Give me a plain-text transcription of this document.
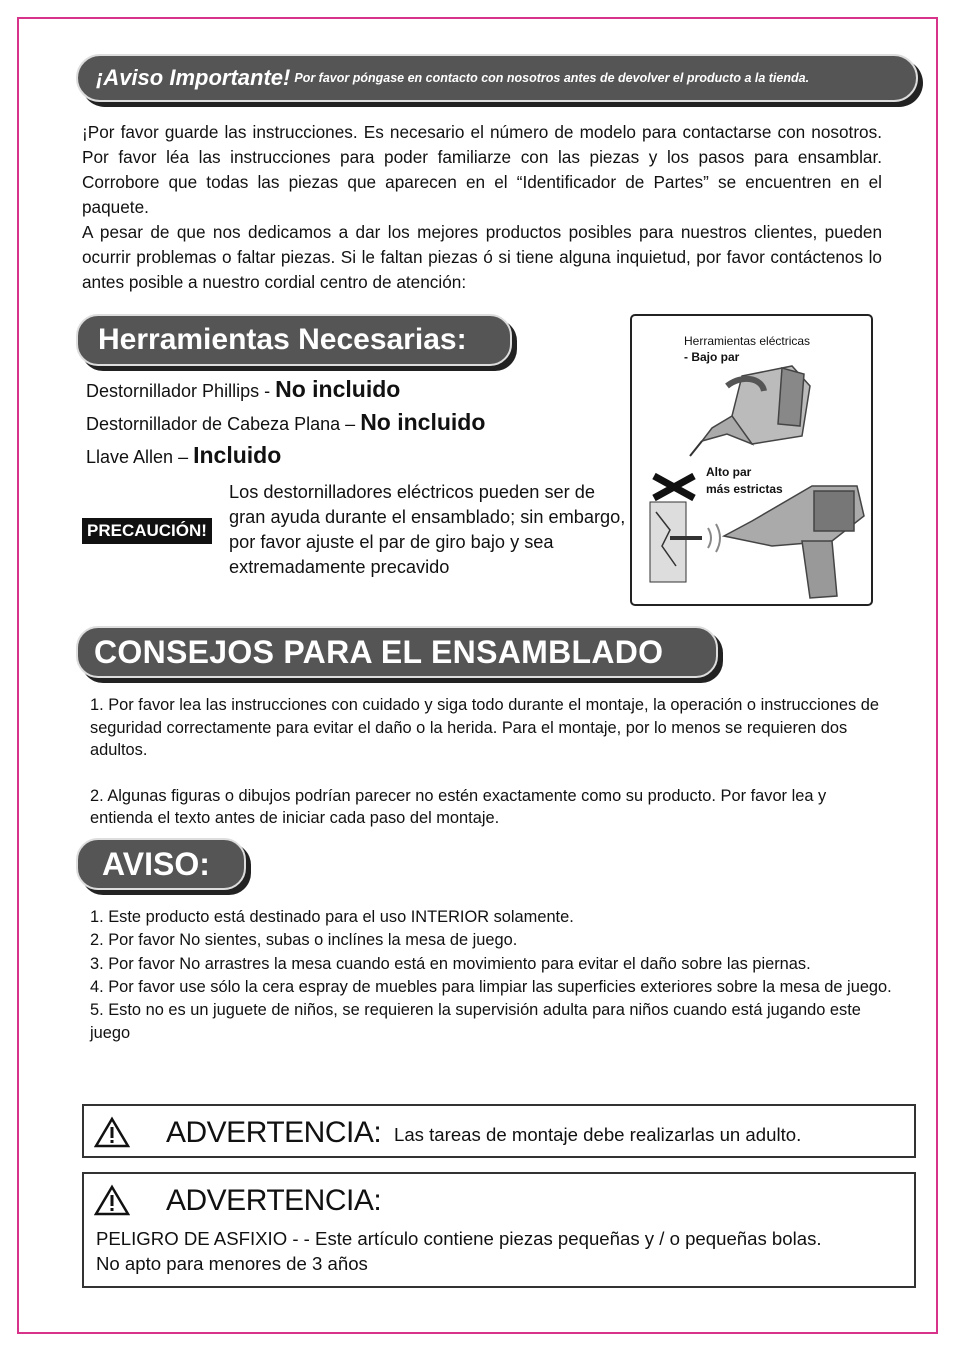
¡Aviso Importante! Por favor póngase en contacto con nosotros antes de devolver el producto a la tienda.

¡Por favor guarde las instrucciones. Es necesario el número de modelo para contactarse con nosotros. Por favor léa las instrucciones para poder familiarze con las piezas y los pasos para ensamblar. Corrobore que todas las piezas que aparecen en el “Identificador de Partes” se encuentren en el paquete.

A pesar de que nos dedicamos a dar los mejores productos posibles para nuestros clientes, pueden ocurrir problemas o faltar piezas. Si le faltan piezas ó si tiene alguna inquietud, por favor contáctenos lo antes posible a nuestro cordial centro de atención:

Herramientas Necesarias:
Destornillador Phillips - No incluido
Destornillador de Cabeza Plana – No incluido
Llave Allen – Incluido
PRECAUCIÓN!
Los destornilladores eléctricos pueden ser de gran ayuda durante el ensamblado; sin embargo, por favor ajuste el par de giro bajo y sea extremadamente precavido
Herramientas eléctricas
- Bajo par
Alto par
más estrictas
CONSEJOS PARA EL ENSAMBLADO

1. Por favor lea las instrucciones con cuidado y siga todo durante el montaje, la operación o instrucciones de seguridad correctamente para evitar el daño o la herida. Para el montaje, por lo menos se requieren dos adultos.

2. Algunas figuras o dibujos podrían parecer no estén exactamente como su producto. Por favor lea y entienda el texto antes de iniciar cada paso del montaje.

AVISO:

1. Este producto está destinado para el uso INTERIOR solamente.

2. Por favor No sientes, subas o inclínes la mesa de juego.

3. Por favor No arrastres la mesa cuando está en movimiento para evitar el daño sobre las piernas.

4. Por favor use sólo la cera espray de muebles para limpiar las superficies exteriores sobre la mesa de juego.

5. Esto no es un juguete de niños, se requieren la supervisión adulta para niños cuando está jugando este juego

ADVERTENCIA: Las tareas de montaje debe realizarlas un adulto.
ADVERTENCIA:

PELIGRO DE ASFIXIO - - Este artículo contiene piezas pequeñas y / o pequeñas bolas.

No apto para menores de 3 años
